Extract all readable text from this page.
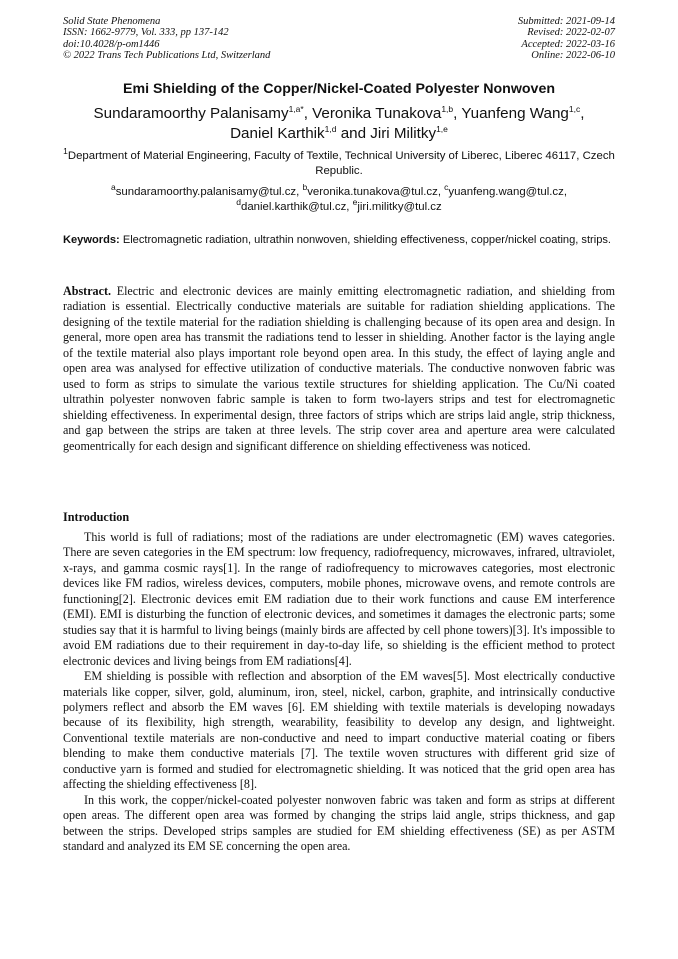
Solid State Phenomena
ISSN: 1662-9779, Vol. 333, pp 137-142
doi:10.4028/p-om1446
© 2022 Trans Tech Publications Ltd, Switzerland
Submitted: 2021-09-14
Revised: 2022-02-07
Accepted: 2022-03-16
Online: 2022-06-10
Emi Shielding of the Copper/Nickel-Coated Polyester Nonwoven
Sundaramoorthy Palanisamy$^{1,a*}$, Veronika Tunakova$^{1,b}$, Yuanfeng Wang$^{1,c}$,
Daniel Karthik$^{1,d}$ and Jiri Militky$^{1,e}$
$^1$Department of Material Engineering, Faculty of Textile, Technical University of Liberec, Liberec 46117, Czech Republic.
$^a$sundaramoorthy.palanisamy@tul.cz, $^b$veronika.tunakova@tul.cz, $^c$yuanfeng.wang@tul.cz,
$^d$daniel.karthik@tul.cz, $^e$jiri.militky@tul.cz
Keywords: Electromagnetic radiation, ultrathin nonwoven, shielding effectiveness, copper/nickel coating, strips.
Abstract. Electric and electronic devices are mainly emitting electromagnetic radiation, and shielding from radiation is essential. Electrically conductive materials are suitable for radiation shielding applications. The designing of the textile material for the radiation shielding is challenging because of its open area and design. In general, more open area has transmit the radiations tend to lesser in shielding. Another factor is the laying angle of the textile material also plays important role beyond open area. In this study, the effect of laying angle and open area was analysed for effective utilization of conductive materials. The conductive nonwoven fabric was used to form as strips to simulate the various textile structures for shielding application. The Cu/Ni coated ultrathin polyester nonwoven fabric sample is taken to form two-layers strips and test for electromagnetic shielding effectiveness. In experimental design, three factors of strips which are strips laid angle, strip thickness, and gap between the strips are taken at three levels. The strip cover area and aperture area were calculated geomentrically for each design and significant difference on shielding effectiveness was noticed.
Introduction

This world is full of radiations; most of the radiations are under electromagnetic (EM) waves categories. There are seven categories in the EM spectrum: low frequency, radiofrequency, microwaves, infrared, ultraviolet, x-rays, and gamma cosmic rays[1]. In the range of radiofrequency to microwaves categories, most electronic devices like FM radios, wireless devices, computers, mobile phones, microwave ovens, and remote controls are functioning[2]. Electronic devices emit EM radiation due to their work functions and cause EM interference (EMI). EMI is disturbing the function of electronic devices, and sometimes it damages the electronic parts; some studies say that it is harmful to living beings (mainly birds are affected by cell phone towers)[3]. It's impossible to avoid EM radiations due to their requirement in day-to-day life, so shielding is the efficient method to protect electronic devices and living beings from EM radiations[4].

EM shielding is possible with reflection and absorption of the EM waves[5]. Most electrically conductive materials like copper, silver, gold, aluminum, iron, steel, nickel, carbon, graphite, and intrinsically conductive polymers reflect and absorb the EM waves [6]. EM shielding with textile materials is developing nowadays because of its flexibility, high strength, wearability, feasibility to develop any design, and lightweight. Conventional textile materials are non-conductive and need to impart conductive material coating or fibers blending to make them conductive materials [7]. The textile woven structures with different grid size of conductive yarn is formed and studied for electromagnetic shielding. It was noticed that the grid open area has affecting the shielding effectiveness [8].

In this work, the copper/nickel-coated polyester nonwoven fabric was taken and form as strips at different open areas. The different open area was formed by changing the strips laid angle, strips thickness, and gap between the strips. Developed strips samples are studied for EM shielding effectiveness (SE) as per ASTM standard and analyzed its EM SE concerning the open area.
